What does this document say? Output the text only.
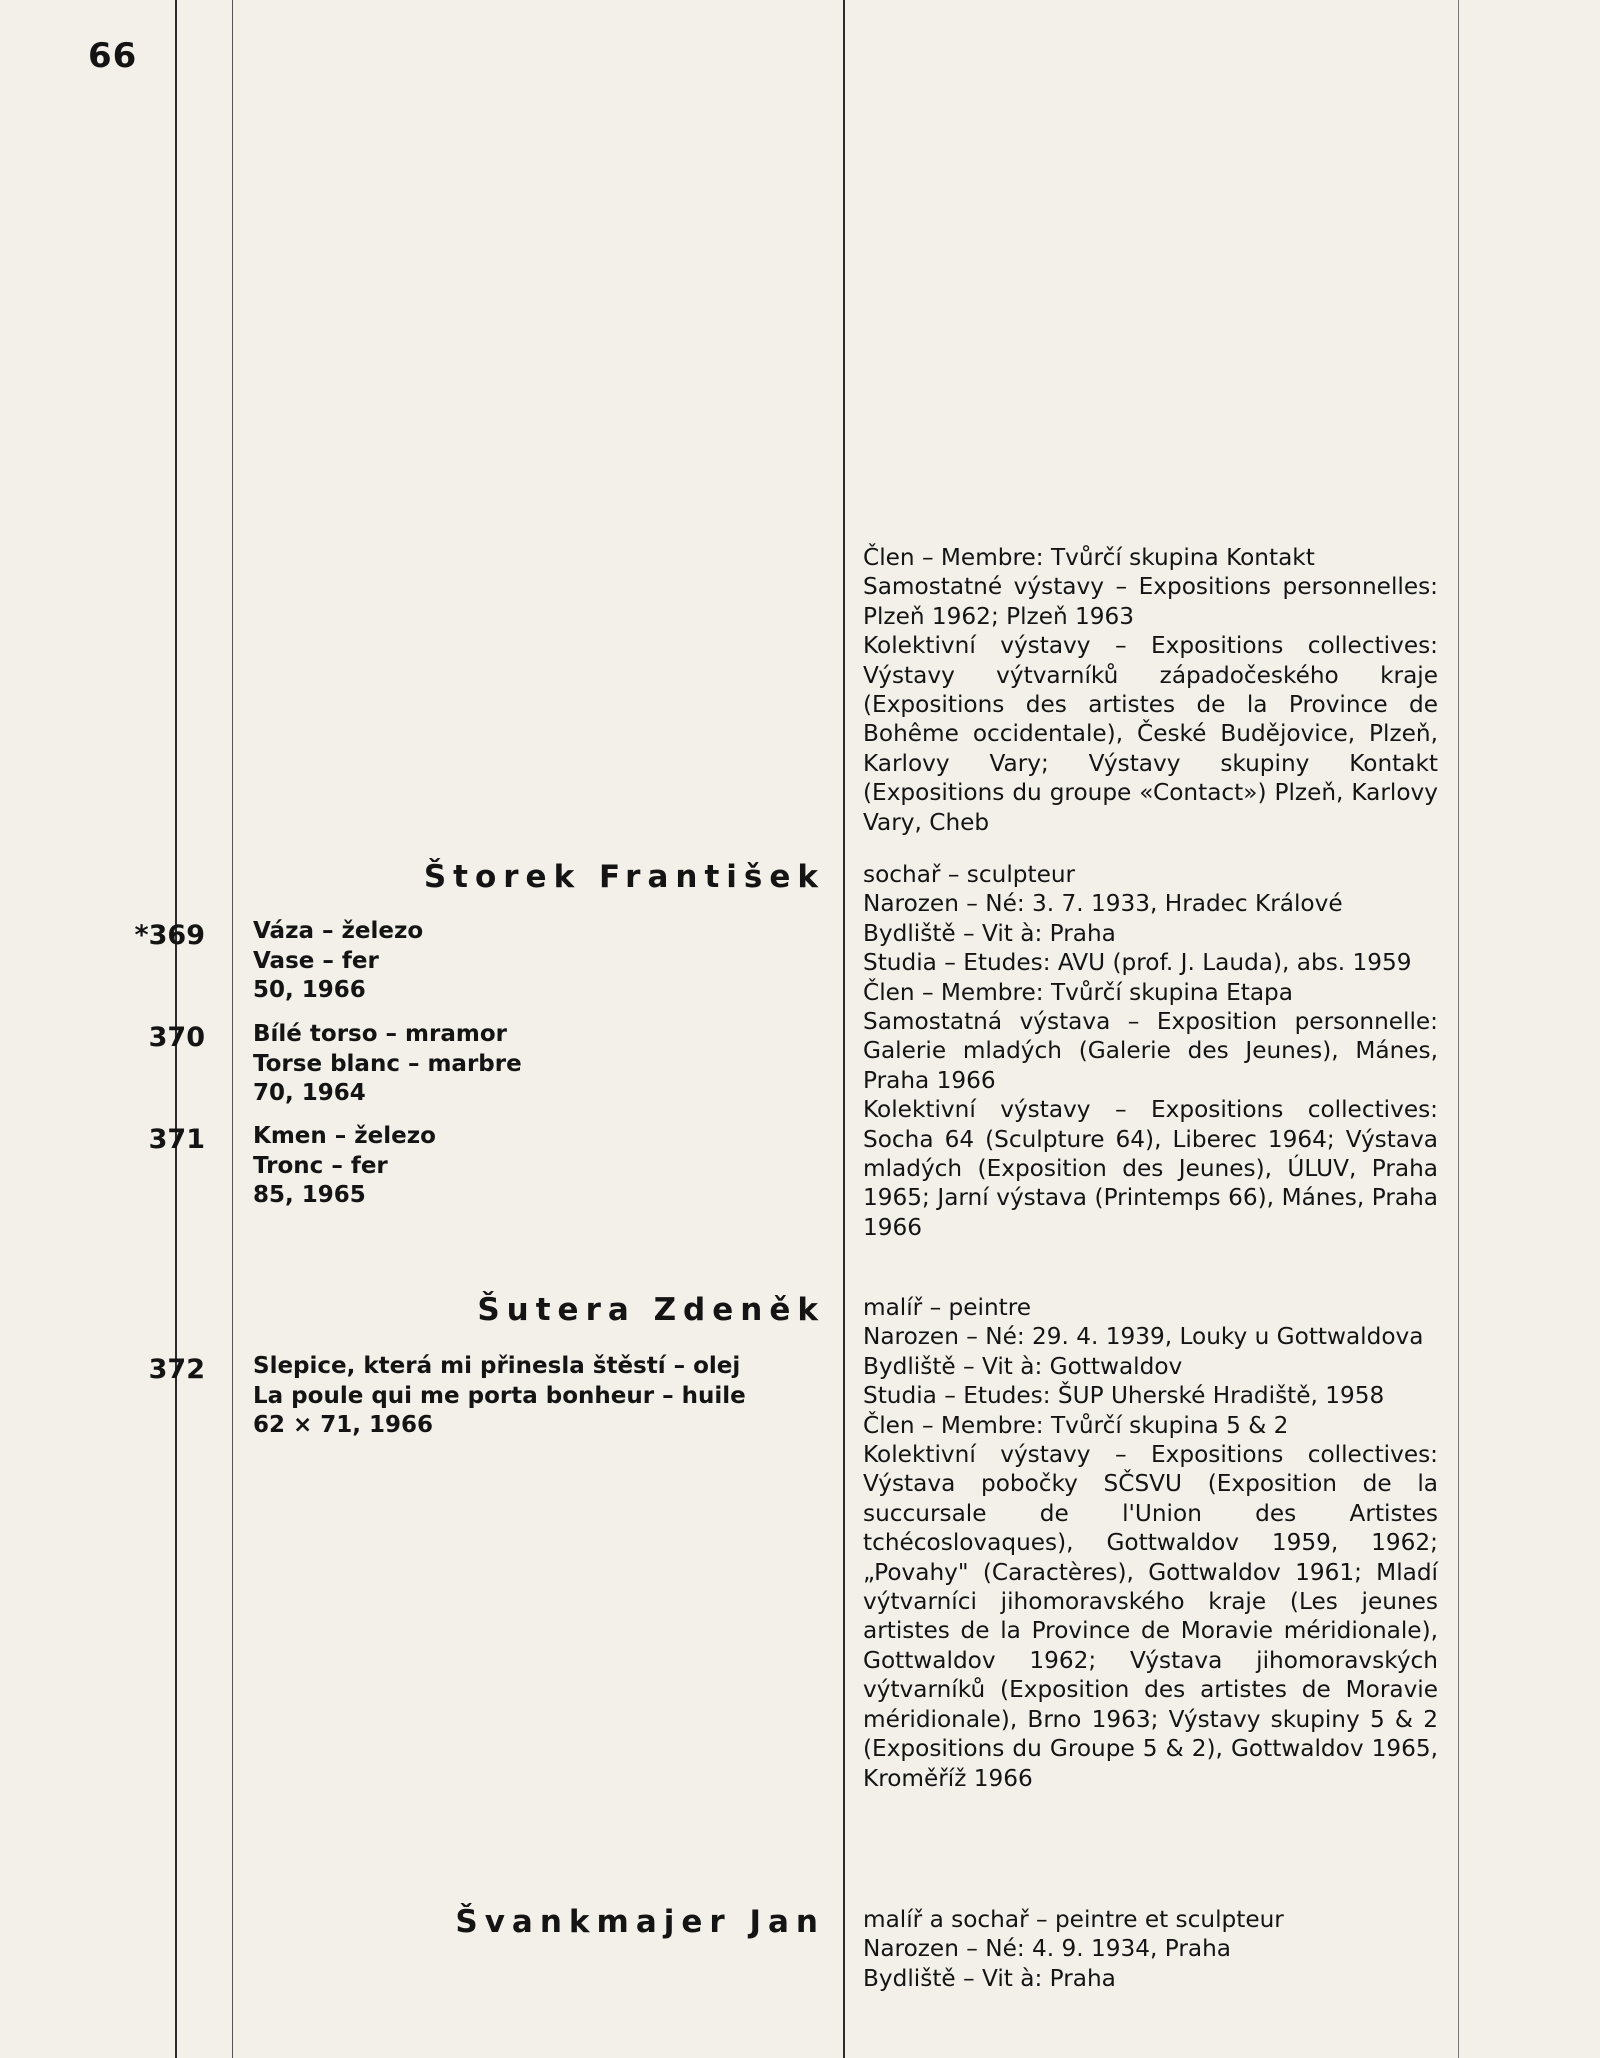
66

Člen – Membre: Tvůrčí skupina Kontakt

Samostatné výstavy – Expositions personnelles: Plzeň 1962; Plzeň 1963

Kolektivní výstavy – Expositions collectives: Výstavy výtvarníků západočeského kraje (Expositions des artistes de la Province de Bohême occidentale), České Budějovice, Plzeň, Karlovy Vary; Výstavy skupiny Kontakt (Expositions du groupe «Contact») Plzeň, Karlovy Vary, Cheb

Štorek František sochař – sculpteur

Narozen – Né: 3. 7. 1933, Hradec Králové

Bydliště – Vit à: Praha

Studia – Etudes: AVU (prof. J. Lauda), abs. 1959

Člen – Membre: Tvůrčí skupina Etapa

Samostatná výstava – Exposition personnelle: Galerie mladých (Galerie des Jeunes), Mánes, Praha 1966

Kolektivní výstavy – Expositions collectives: Socha 64 (Sculpture 64), Liberec 1964; Výstava mladých (Exposition des Jeunes), ÚLUV, Praha 1965; Jarní výstava (Printemps 66), Mánes, Praha 1966

*369 Váza – železo
Vase – fer
50, 1966
370 Bílé torso – mramor
Torse blanc – marbre
70, 1964
371 Kmen – železo
Tronc – fer
85, 1965
Šutera Zdeněk malíř – peintre

Narozen – Né: 29. 4. 1939, Louky u Gottwaldova

Bydliště – Vit à: Gottwaldov

Studia – Etudes: ŠUP Uherské Hradiště, 1958

Člen – Membre: Tvůrčí skupina 5 & 2

Kolektivní výstavy – Expositions collectives: Výstava pobočky SČSVU (Exposition de la succursale de l'Union des Artistes tchécoslovaques), Gottwaldov 1959, 1962; „Povahy" (Caractères), Gottwaldov 1961; Mladí výtvarníci jihomoravského kraje (Les jeunes artistes de la Province de Moravie méridionale), Gottwaldov 1962; Výstava jihomoravských výtvarníků (Exposition des artistes de Moravie méridionale), Brno 1963; Výstavy skupiny 5 & 2 (Expositions du Groupe 5 & 2), Gottwaldov 1965, Kroměříž 1966

372 Slepice, která mi přinesla štěstí – olej
La poule qui me porta bonheur – huile
62 × 71, 1966
Švankmajer Jan malíř a sochař – peintre et sculpteur

Narozen – Né: 4. 9. 1934, Praha

Bydliště – Vit à: Praha
